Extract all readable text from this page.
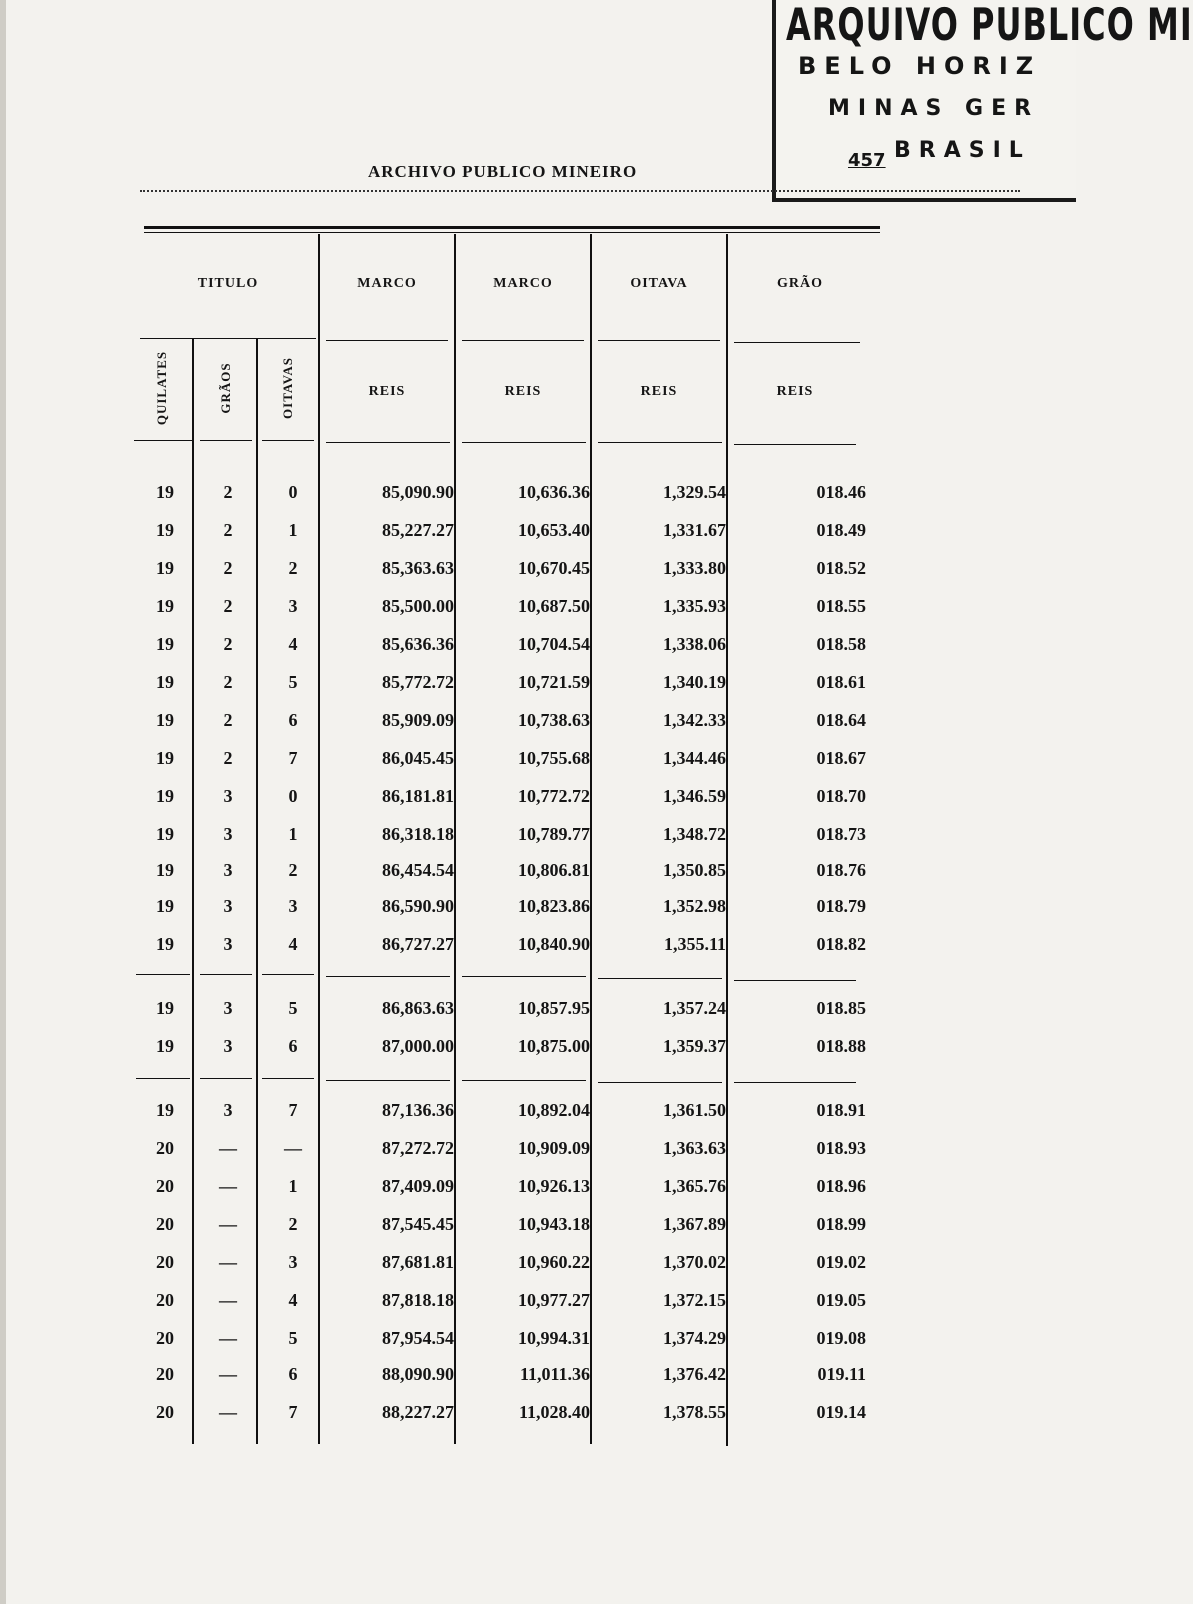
ARQUIVO PUBLICO MI
BELO HORIZ
MINAS GER
457 BRASIL
ARCHIVO PUBLICO MINEIRO
TITULO	MARCO	MARCO	OITAVA	GRÃO
QUILATES	GRÃOS	OITAVAS	REIS	REIS	REIS	REIS
19	2	0	85,090.90	10,636.36	1,329.54	018.46
19	2	1	85,227.27	10,653.40	1,331.67	018.49
19	2	2	85,363.63	10,670.45	1,333.80	018.52
19	2	3	85,500.00	10,687.50	1,335.93	018.55
19	2	4	85,636.36	10,704.54	1,338.06	018.58
19	2	5	85,772.72	10,721.59	1,340.19	018.61
19	2	6	85,909.09	10,738.63	1,342.33	018.64
19	2	7	86,045.45	10,755.68	1,344.46	018.67
19	3	0	86,181.81	10,772.72	1,346.59	018.70
19	3	1	86,318.18	10,789.77	1,348.72	018.73
19	3	2	86,454.54	10,806.81	1,350.85	018.76
19	3	3	86,590.90	10,823.86	1,352.98	018.79
19	3	4	86,727.27	10,840.90	1,355.11	018.82
19	3	5	86,863.63	10,857.95	1,357.24	018.85
19	3	6	87,000.00	10,875.00	1,359.37	018.88
19	3	7	87,136.36	10,892.04	1,361.50	018.91
20	—	—	87,272.72	10,909.09	1,363.63	018.93
20	—	1	87,409.09	10,926.13	1,365.76	018.96
20	—	2	87,545.45	10,943.18	1,367.89	018.99
20	—	3	87,681.81	10,960.22	1,370.02	019.02
20	—	4	87,818.18	10,977.27	1,372.15	019.05
20	—	5	87,954.54	10,994.31	1,374.29	019.08
20	—	6	88,090.90	11,011.36	1,376.42	019.11
20	—	7	88,227.27	11,028.40	1,378.55	019.14
